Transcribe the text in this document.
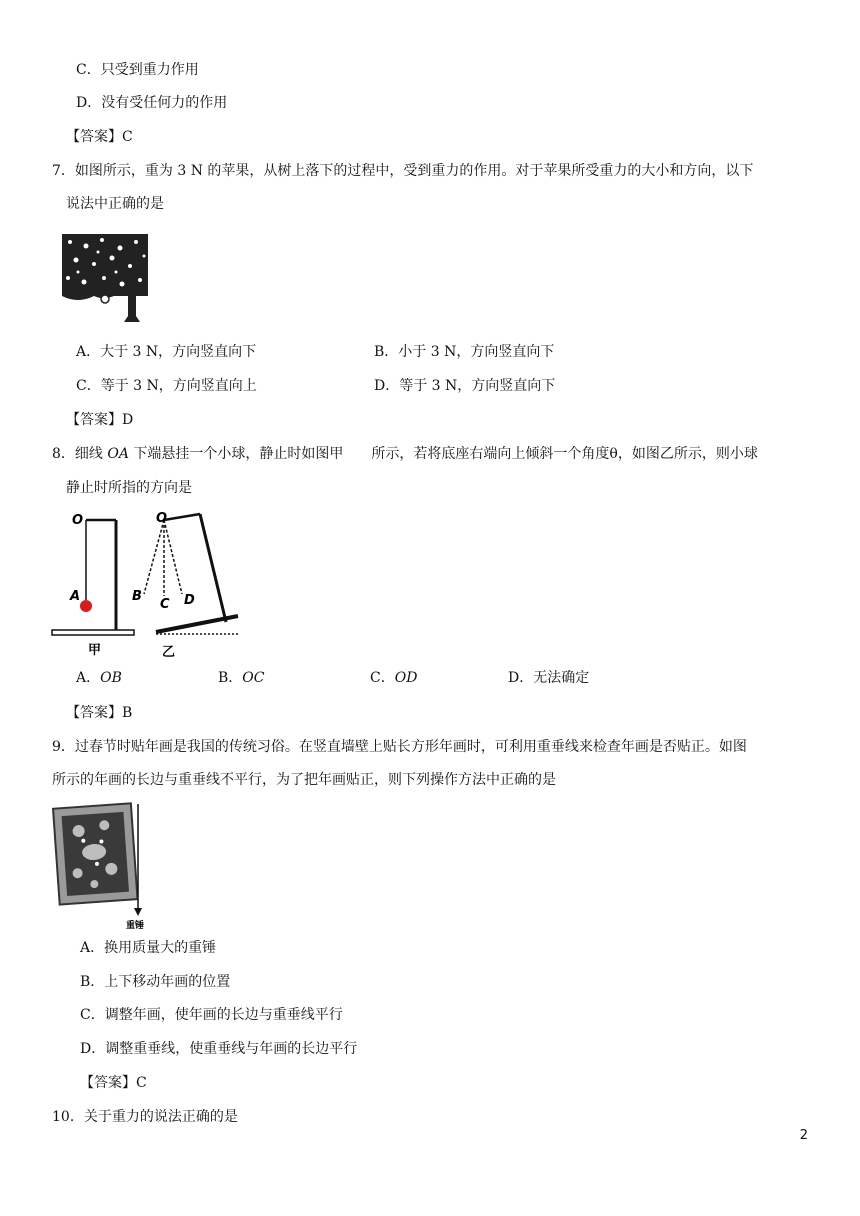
C．只受到重力作用
D．没有受任何力的作用
【答案】C
7．如图所示，重为 3 N 的苹果，从树上落下的过程中，受到重力的作用。对于苹果所受重力的大小和方向，以下
说法中正确的是
A．大于 3 N，方向竖直向下	B．小于 3 N，方向竖直向下
C．等于 3 N，方向竖直向上	D．等于 3 N，方向竖直向下
【答案】D
8．细线 OA 下端悬挂一个小球，静止时如图甲　　所示，若将底座右端向上倾斜一个角度θ，如图乙所示，则小球
静止时所指的方向是
O
A
甲
O
B
C D
乙
A．OB	B．OC	C．OD	D．无法确定
【答案】B
9．过春节时贴年画是我国的传统习俗。在竖直墙壁上贴长方形年画时，可利用重垂线来检查年画是否贴正。如图
所示的年画的长边与重垂线不平行，为了把年画贴正，则下列操作方法中正确的是
重锤
A．换用质量大的重锤
B．上下移动年画的位置
C．调整年画，使年画的长边与重垂线平行
D．调整重垂线，使重垂线与年画的长边平行
【答案】C
10．关于重力的说法正确的是
2
